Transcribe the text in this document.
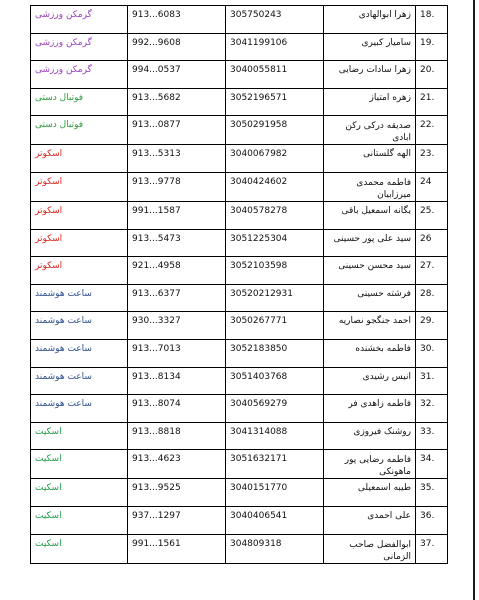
گرمکن ورزشی	913...6083	305750243	زهرا ابوالهادی	18.
گرمکن ورزشی	992...9608	3041199106	سامیار کبیری	19.
گرمکن ورزشی	994...0537	3040055811	زهرا سادات رضایی	20.
فوتبال دستی	913...5682	3052196571	زهره امتیاز	21.
فوتبال دستی	913...0877	3050291958	صدیقه درکی رکن ابادی	22.
اسکوتر	913...5313	3040067982	الهه گلستانی	23.
اسکوتر	913...9778	3040424602	فاطمه محمدی میرزابیان	24
اسکوتر	991...1587	3040578278	یگانه اسمعیل باقی	25.
اسکوتر	913...5473	3051225304	سید علی پور حسینی	26
اسکوتر	921...4958	3052103598	سید محسن حسینی	27.
ساعت هوشمند	913...6377	30520212931	فرشته حسینی	28.
ساعت هوشمند	930...3327	3050267771	احمد جنگجو نصاریه	29.
ساعت هوشمند	913...7013	3052183850	فاطمه بخشنده	30.
ساعت هوشمند	913...8134	3051403768	انیس رشیدی	31.
ساعت هوشمند	913...8074	3040569279	فاطمه زاهدی فر	32.
اسکیت	913...8818	3041314088	روشنک فیروزی	33.
اسکیت	913...4623	3051632171	فاطمه رضایی پور ماهونکی	34.
اسکیت	913...9525	3040151770	طیبه اسمعیلی	35.
اسکیت	937...1297	3040406541	علی احمدی	36.
اسکیت	991...1561	304809318	ابوالفضل صاحب الزمانی	37.
